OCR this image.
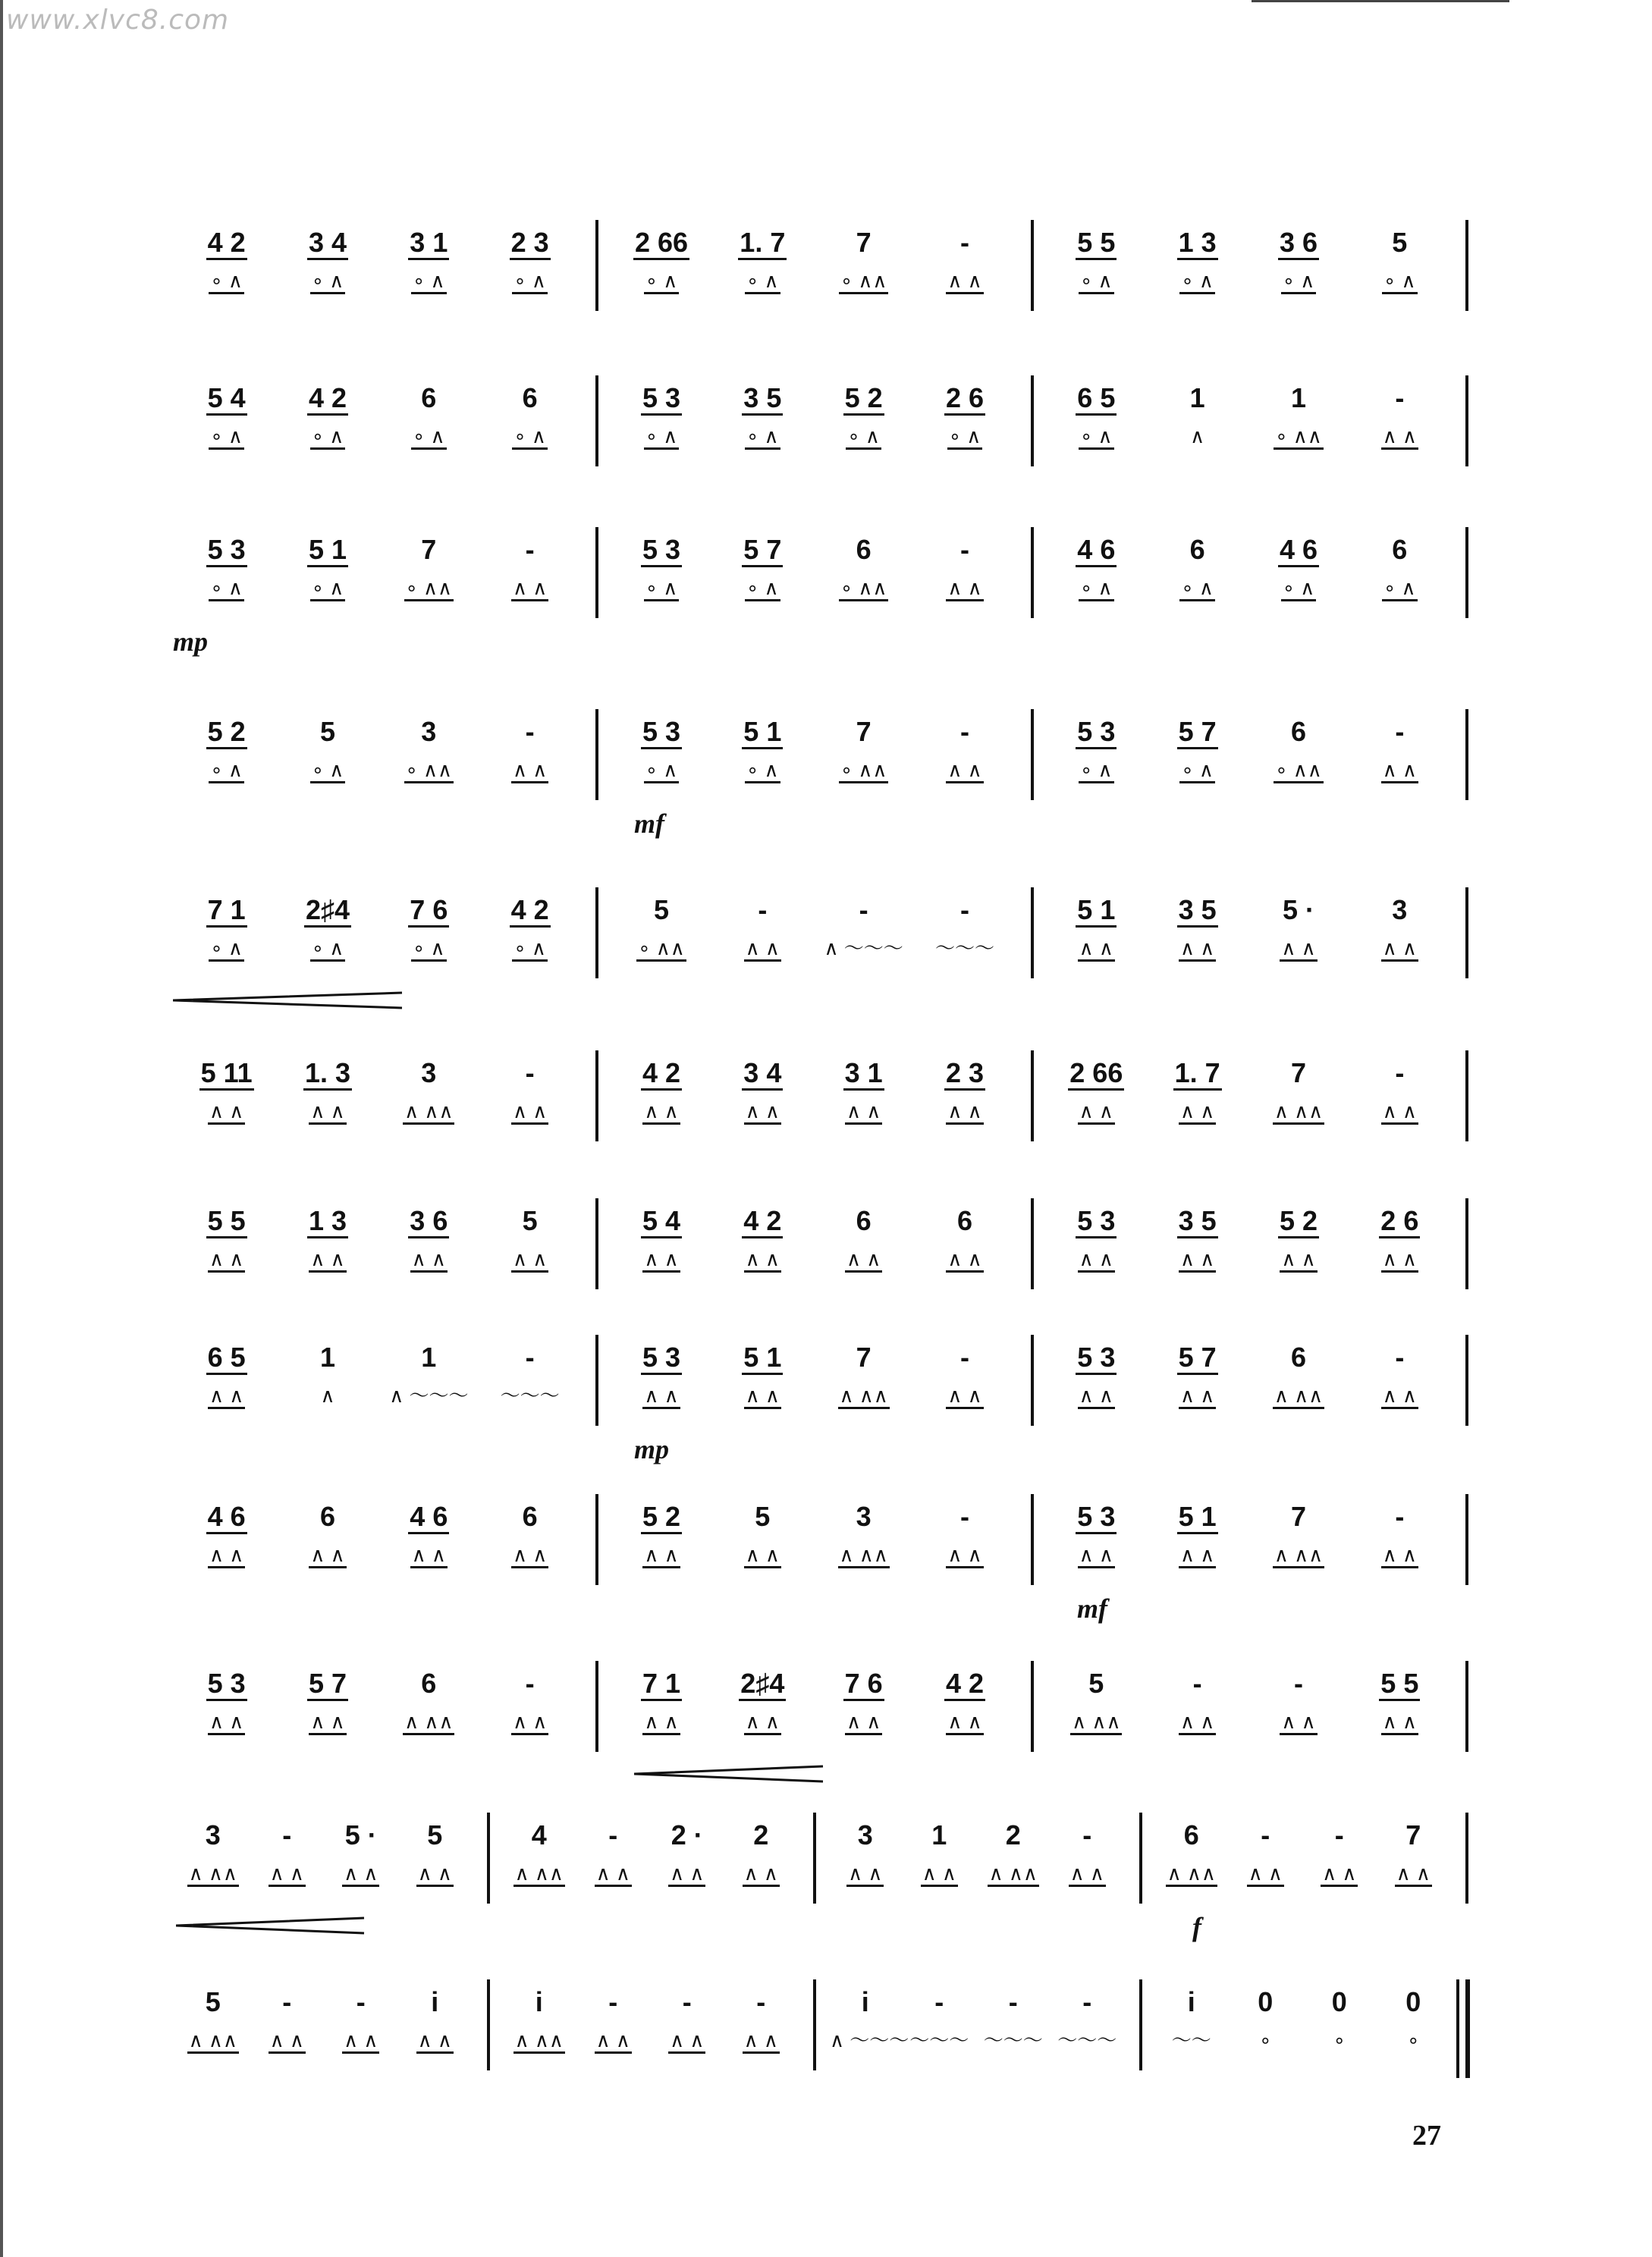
www.xlvc8.com
4 2
∘ ∧
3 4
∘ ∧
3 1
∘ ∧
2 3
∘ ∧
2 66
∘ ∧
1. 7
∘ ∧
7
∘ ∧∧
-
∧ ∧
5 5
∘ ∧
1 3
∘ ∧
3 6
∘ ∧
5
∘ ∧
5 4
∘ ∧
4 2
∘ ∧
6
∘ ∧
6
∘ ∧
5 3
∘ ∧
3 5
∘ ∧
5 2
∘ ∧
2 6
∘ ∧
6 5
∘ ∧
1
∧
1
∘ ∧∧
-
∧ ∧
5 3
∘ ∧
5 1
∘ ∧
7
∘ ∧∧
-
∧ ∧
5 3
∘ ∧
5 7
∘ ∧
6
∘ ∧∧
-
∧ ∧
4 6
∘ ∧
6
∘ ∧
4 6
∘ ∧
6
∘ ∧
mp
5 2
∘ ∧
5
∘ ∧
3
∘ ∧∧
-
∧ ∧
5 3
∘ ∧
5 1
∘ ∧
7
∘ ∧∧
-
∧ ∧
5 3
∘ ∧
5 7
∘ ∧
6
∘ ∧∧
-
∧ ∧
mf
7 1
∘ ∧
2♯4
∘ ∧
7 6
∘ ∧
4 2
∘ ∧
5
∘ ∧∧
-
∧ ∧
-
∧ ～～～
-
～～～
5 1
∧ ∧
3 5
∧ ∧
5 ·
∧ ∧
3
∧ ∧
5 11
∧ ∧
1. 3
∧ ∧
3
∧ ∧∧
-
∧ ∧
4 2
∧ ∧
3 4
∧ ∧
3 1
∧ ∧
2 3
∧ ∧
2 66
∧ ∧
1. 7
∧ ∧
7
∧ ∧∧
-
∧ ∧
5 5
∧ ∧
1 3
∧ ∧
3 6
∧ ∧
5
∧ ∧
5 4
∧ ∧
4 2
∧ ∧
6
∧ ∧
6
∧ ∧
5 3
∧ ∧
3 5
∧ ∧
5 2
∧ ∧
2 6
∧ ∧
6 5
∧ ∧
1
∧
1
∧ ～～～
-
～～～
5 3
∧ ∧
5 1
∧ ∧
7
∧ ∧∧
-
∧ ∧
5 3
∧ ∧
5 7
∧ ∧
6
∧ ∧∧
-
∧ ∧
mp
4 6
∧ ∧
6
∧ ∧
4 6
∧ ∧
6
∧ ∧
5 2
∧ ∧
5
∧ ∧
3
∧ ∧∧
-
∧ ∧
5 3
∧ ∧
5 1
∧ ∧
7
∧ ∧∧
-
∧ ∧
mf
5 3
∧ ∧
5 7
∧ ∧
6
∧ ∧∧
-
∧ ∧
7 1
∧ ∧
2♯4
∧ ∧
7 6
∧ ∧
4 2
∧ ∧
5
∧ ∧∧
-
∧ ∧
-
∧ ∧
5 5
∧ ∧
3
∧ ∧∧
-
∧ ∧
5 ·
∧ ∧
5
∧ ∧
4
∧ ∧∧
-
∧ ∧
2 ·
∧ ∧
2
∧ ∧
3
∧ ∧
1
∧ ∧
2
∧ ∧∧
-
∧ ∧
6
∧ ∧∧
-
∧ ∧
-
∧ ∧
7
∧ ∧
f
5
∧ ∧∧
-
∧ ∧
-
∧ ∧
i
∧ ∧
i
∧ ∧∧
-
∧ ∧
-
∧ ∧
-
∧ ∧
i
∧ ～～～
-
～～～
-
～～～
-
～～～
i
～～
0
∘
0
∘
0
∘
27
